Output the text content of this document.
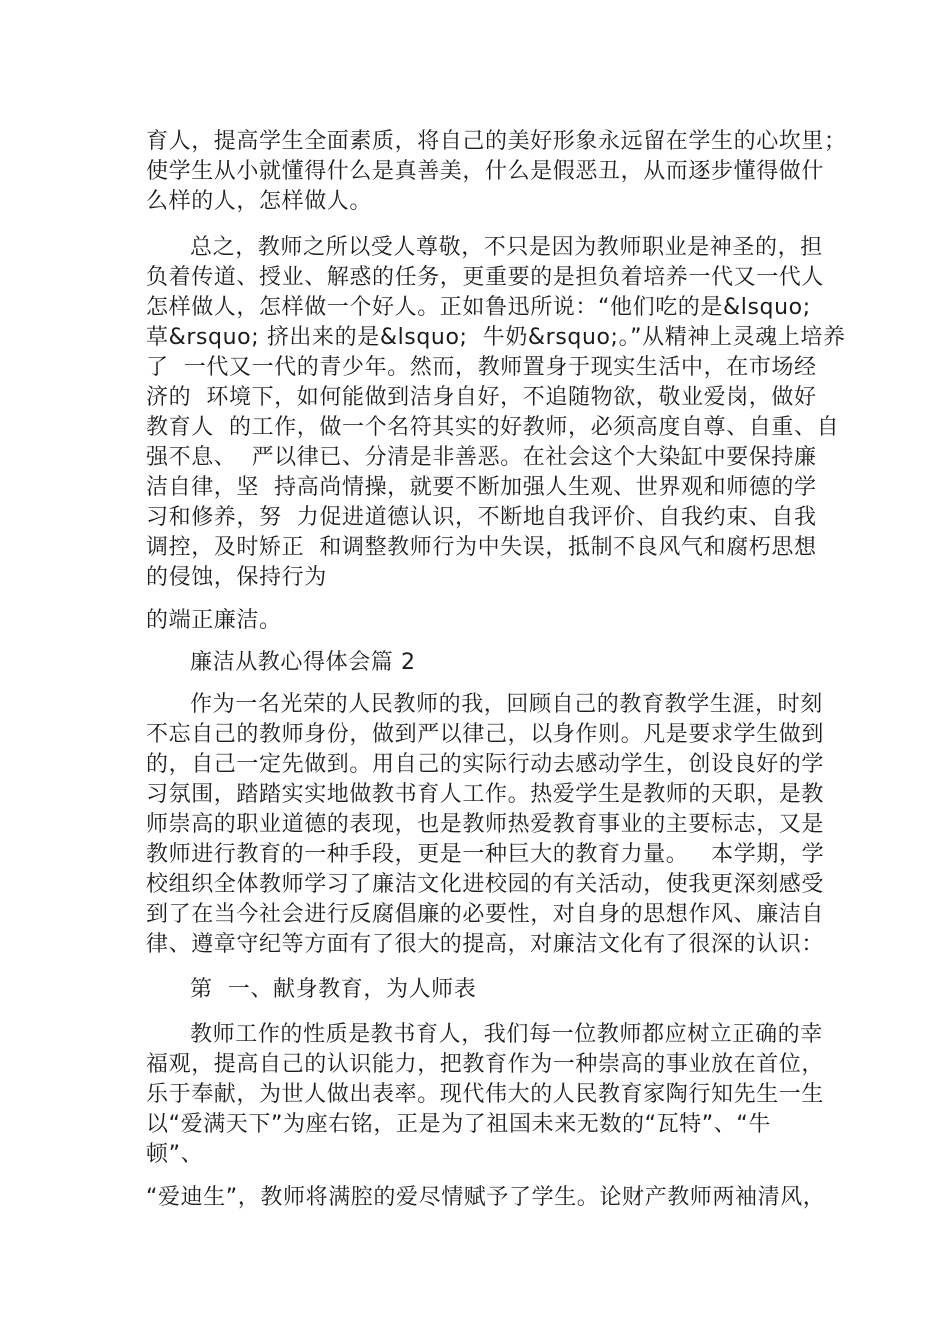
育人，提高学生全面素质，将自己的美好形象永远留在学生的心坎里；
使学生从小就懂得什么是真善美，什么是假恶丑，从而逐步懂得做什
么样的人，怎样做人。
总之，教师之所以受人尊敬，不只是因为教师职业是神圣的，担
负着传道、授业、解惑的任务，更重要的是担负着培养一代又一代人
怎样做人，怎样做一个好人。正如鲁迅所说：“他们吃的是&lsquo;
草&rsquo; 挤出来的是&lsquo;  牛奶&rsquo;。”从精神上灵魂上培养
了  一代又一代的青少年。然而，教师置身于现实生活中，在市场经
济的  环境下，如何能做到洁身自好，不追随物欲，敬业爱岗，做好
教育人  的工作，做一个名符其实的好教师，必须高度自尊、自重、自
强不息、  严以律已、分清是非善恶。在社会这个大染缸中要保持廉
洁自律，坚  持高尚情操，就要不断加强人生观、世界观和师德的学
习和修养，努  力促进道德认识，不断地自我评价、自我约束、自我
调控，及时矫正  和调整教师行为中失误，抵制不良风气和腐朽思想
的侵蚀，保持行为
的端正廉洁。
廉洁从教心得体会篇 2
作为一名光荣的人民教师的我，回顾自己的教育教学生涯，时刻
不忘自己的教师身份，做到严以律己，以身作则。凡是要求学生做到
的，自己一定先做到。用自己的实际行动去感动学生，创设良好的学
习氛围，踏踏实实地做教书育人工作。热爱学生是教师的天职，是教
师崇高的职业道德的表现，也是教师热爱教育事业的主要标志，又是
教师进行教育的一种手段，更是一种巨大的教育力量。   本学期，学
校组织全体教师学习了廉洁文化进校园的有关活动，使我更深刻感受
到了在当今社会进行反腐倡廉的必要性，对自身的思想作风、廉洁自
律、遵章守纪等方面有了很大的提高，对廉洁文化有了很深的认识：
第  一、献身教育，为人师表
教师工作的性质是教书育人，我们每一位教师都应树立正确的幸
福观，提高自己的认识能力，把教育作为一种崇高的事业放在首位，
乐于奉献，为世人做出表率。现代伟大的人民教育家陶行知先生一生
以“爱满天下”为座右铭，正是为了祖国未来无数的“瓦特”、“牛
顿”、
“爱迪生”，教师将满腔的爱尽情赋予了学生。论财产教师两袖清风，
